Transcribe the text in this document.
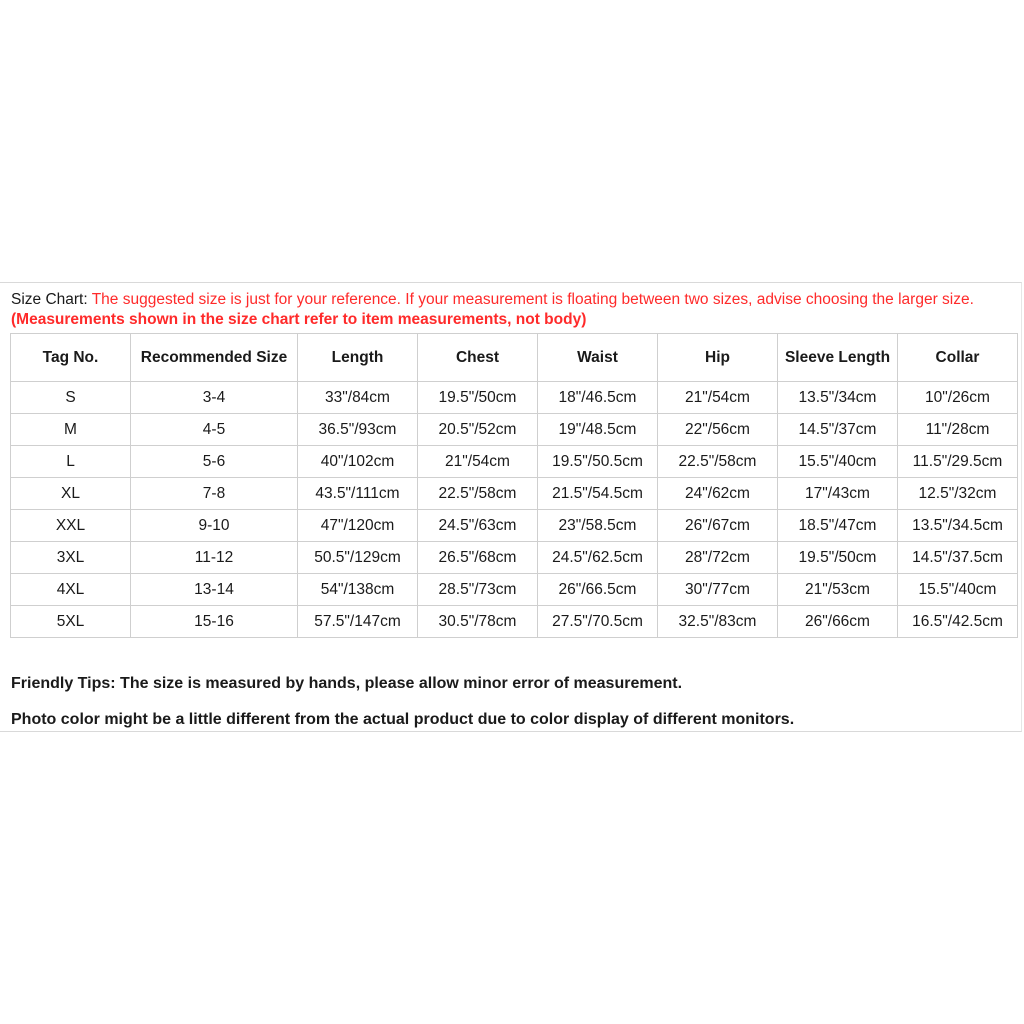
Size Chart: The suggested size is just for your reference. If your measurement is floating between two sizes, advise choosing the larger size. (Measurements shown in the size chart refer to item measurements, not body)
Tag No.	Recommended Size	Length	Chest	Waist	Hip	Sleeve Length	Collar
S	3-4	33"/84cm	19.5"/50cm	18"/46.5cm	21"/54cm	13.5"/34cm	10"/26cm
M	4-5	36.5"/93cm	20.5"/52cm	19"/48.5cm	22"/56cm	14.5"/37cm	11"/28cm
L	5-6	40"/102cm	21"/54cm	19.5"/50.5cm	22.5"/58cm	15.5"/40cm	11.5"/29.5cm
XL	7-8	43.5"/111cm	22.5"/58cm	21.5"/54.5cm	24"/62cm	17"/43cm	12.5"/32cm
XXL	9-10	47"/120cm	24.5"/63cm	23"/58.5cm	26"/67cm	18.5"/47cm	13.5"/34.5cm
3XL	11-12	50.5"/129cm	26.5"/68cm	24.5"/62.5cm	28"/72cm	19.5"/50cm	14.5"/37.5cm
4XL	13-14	54"/138cm	28.5"/73cm	26"/66.5cm	30"/77cm	21"/53cm	15.5"/40cm
5XL	15-16	57.5"/147cm	30.5"/78cm	27.5"/70.5cm	32.5"/83cm	26"/66cm	16.5"/42.5cm
Friendly Tips: The size is measured by hands, please allow minor error of measurement.
Photo color might be a little different from the actual product due to color display of different monitors.
